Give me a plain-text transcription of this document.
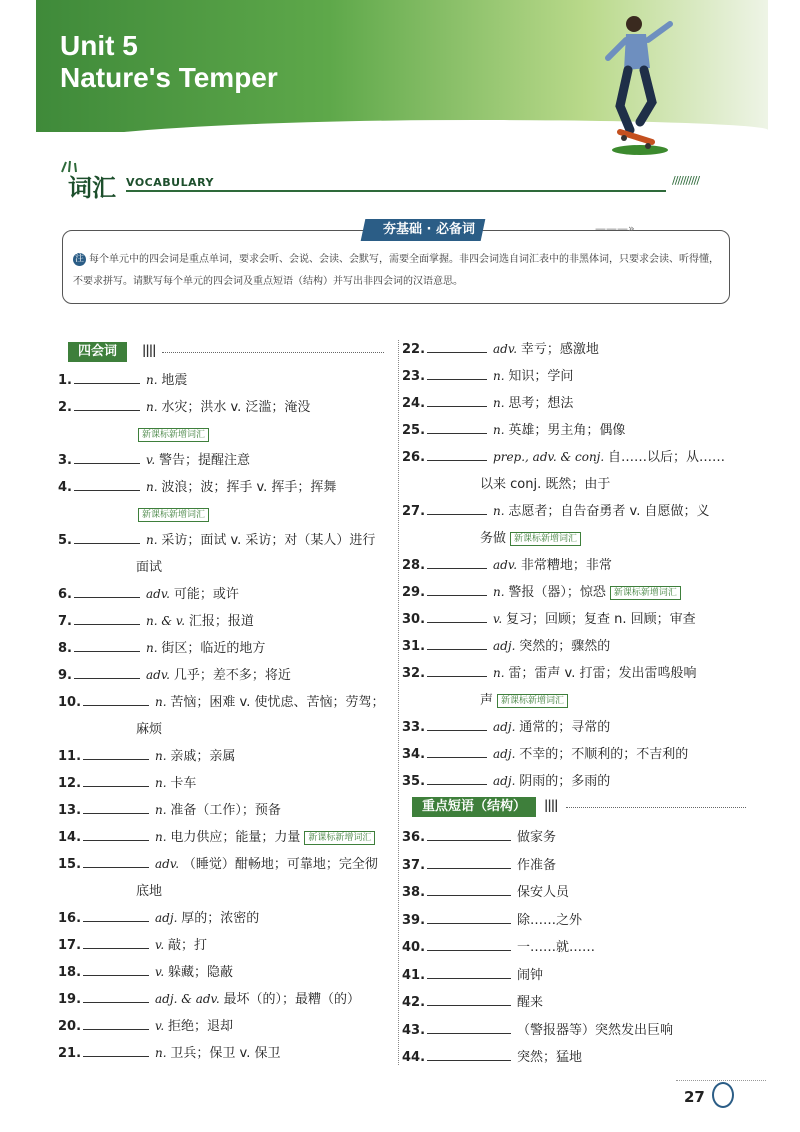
Unit 5
Nature's Temper
词汇 VOCABULARY	//////////
夯基础 · 必备词	———»
注 每个单元中的四会词是重点单词，要求会听、会说、会读、会默写，需要全面掌握。非四会词选自词汇表中的非黑体词，只要求会读、听得懂，不要求拼写。请默写每个单元的四会词及重点短语（结构）并写出非四会词的汉语意思。
四会词	||||
重点短语（结构）	||||
1.	n. 地震
2.	n. 水灾；洪水 v. 泛滥；淹没
新课标新增词汇
3.	v. 警告；提醒注意
4.	n. 波浪；波；挥手 v. 挥手；挥舞
新课标新增词汇
5.	n. 采访；面试 v. 采访；对（某人）进行
面试
6.	adv. 可能；或许
7.	n. & v. 汇报；报道
8.	n. 街区；临近的地方
9.	adv. 几乎；差不多；将近
10.	n. 苦恼；困难 v. 使忧虑、苦恼；劳驾；
麻烦
11.	n. 亲戚；亲属
12.	n. 卡车
13.	n. 准备（工作）；预备
14.	n. 电力供应；能量；力量 新课标新增词汇
15.	adv. （睡觉）酣畅地；可靠地；完全彻
底地
16.	adj. 厚的；浓密的
17.	v. 敲；打
18.	v. 躲藏；隐蔽
19.	adj. & adv. 最坏（的）；最糟（的）
20.	v. 拒绝；退却
21.	n. 卫兵；保卫 v. 保卫
22.	adv. 幸亏；感激地
23.	n. 知识；学问
24.	n. 思考；想法
25.	n. 英雄；男主角；偶像
26.	prep., adv. & conj. 自……以后；从……
以来 conj. 既然；由于
27.	n. 志愿者；自告奋勇者 v. 自愿做；义
务做 新课标新增词汇
28.	adv. 非常糟地；非常
29.	n. 警报（器）；惊恐 新课标新增词汇
30.	v. 复习；回顾；复查 n. 回顾；审查
31.	adj. 突然的；骤然的
32.	n. 雷；雷声 v. 打雷；发出雷鸣般响
声 新课标新增词汇
33.	adj. 通常的；寻常的
34.	adj. 不幸的；不顺利的；不吉利的
35.	adj. 阴雨的；多雨的
36.	做家务
37.	作准备
38.	保安人员
39.	除……之外
40.	一……就……
41.	闹钟
42.	醒来
43.	（警报器等）突然发出巨响
44.	突然；猛地
27
